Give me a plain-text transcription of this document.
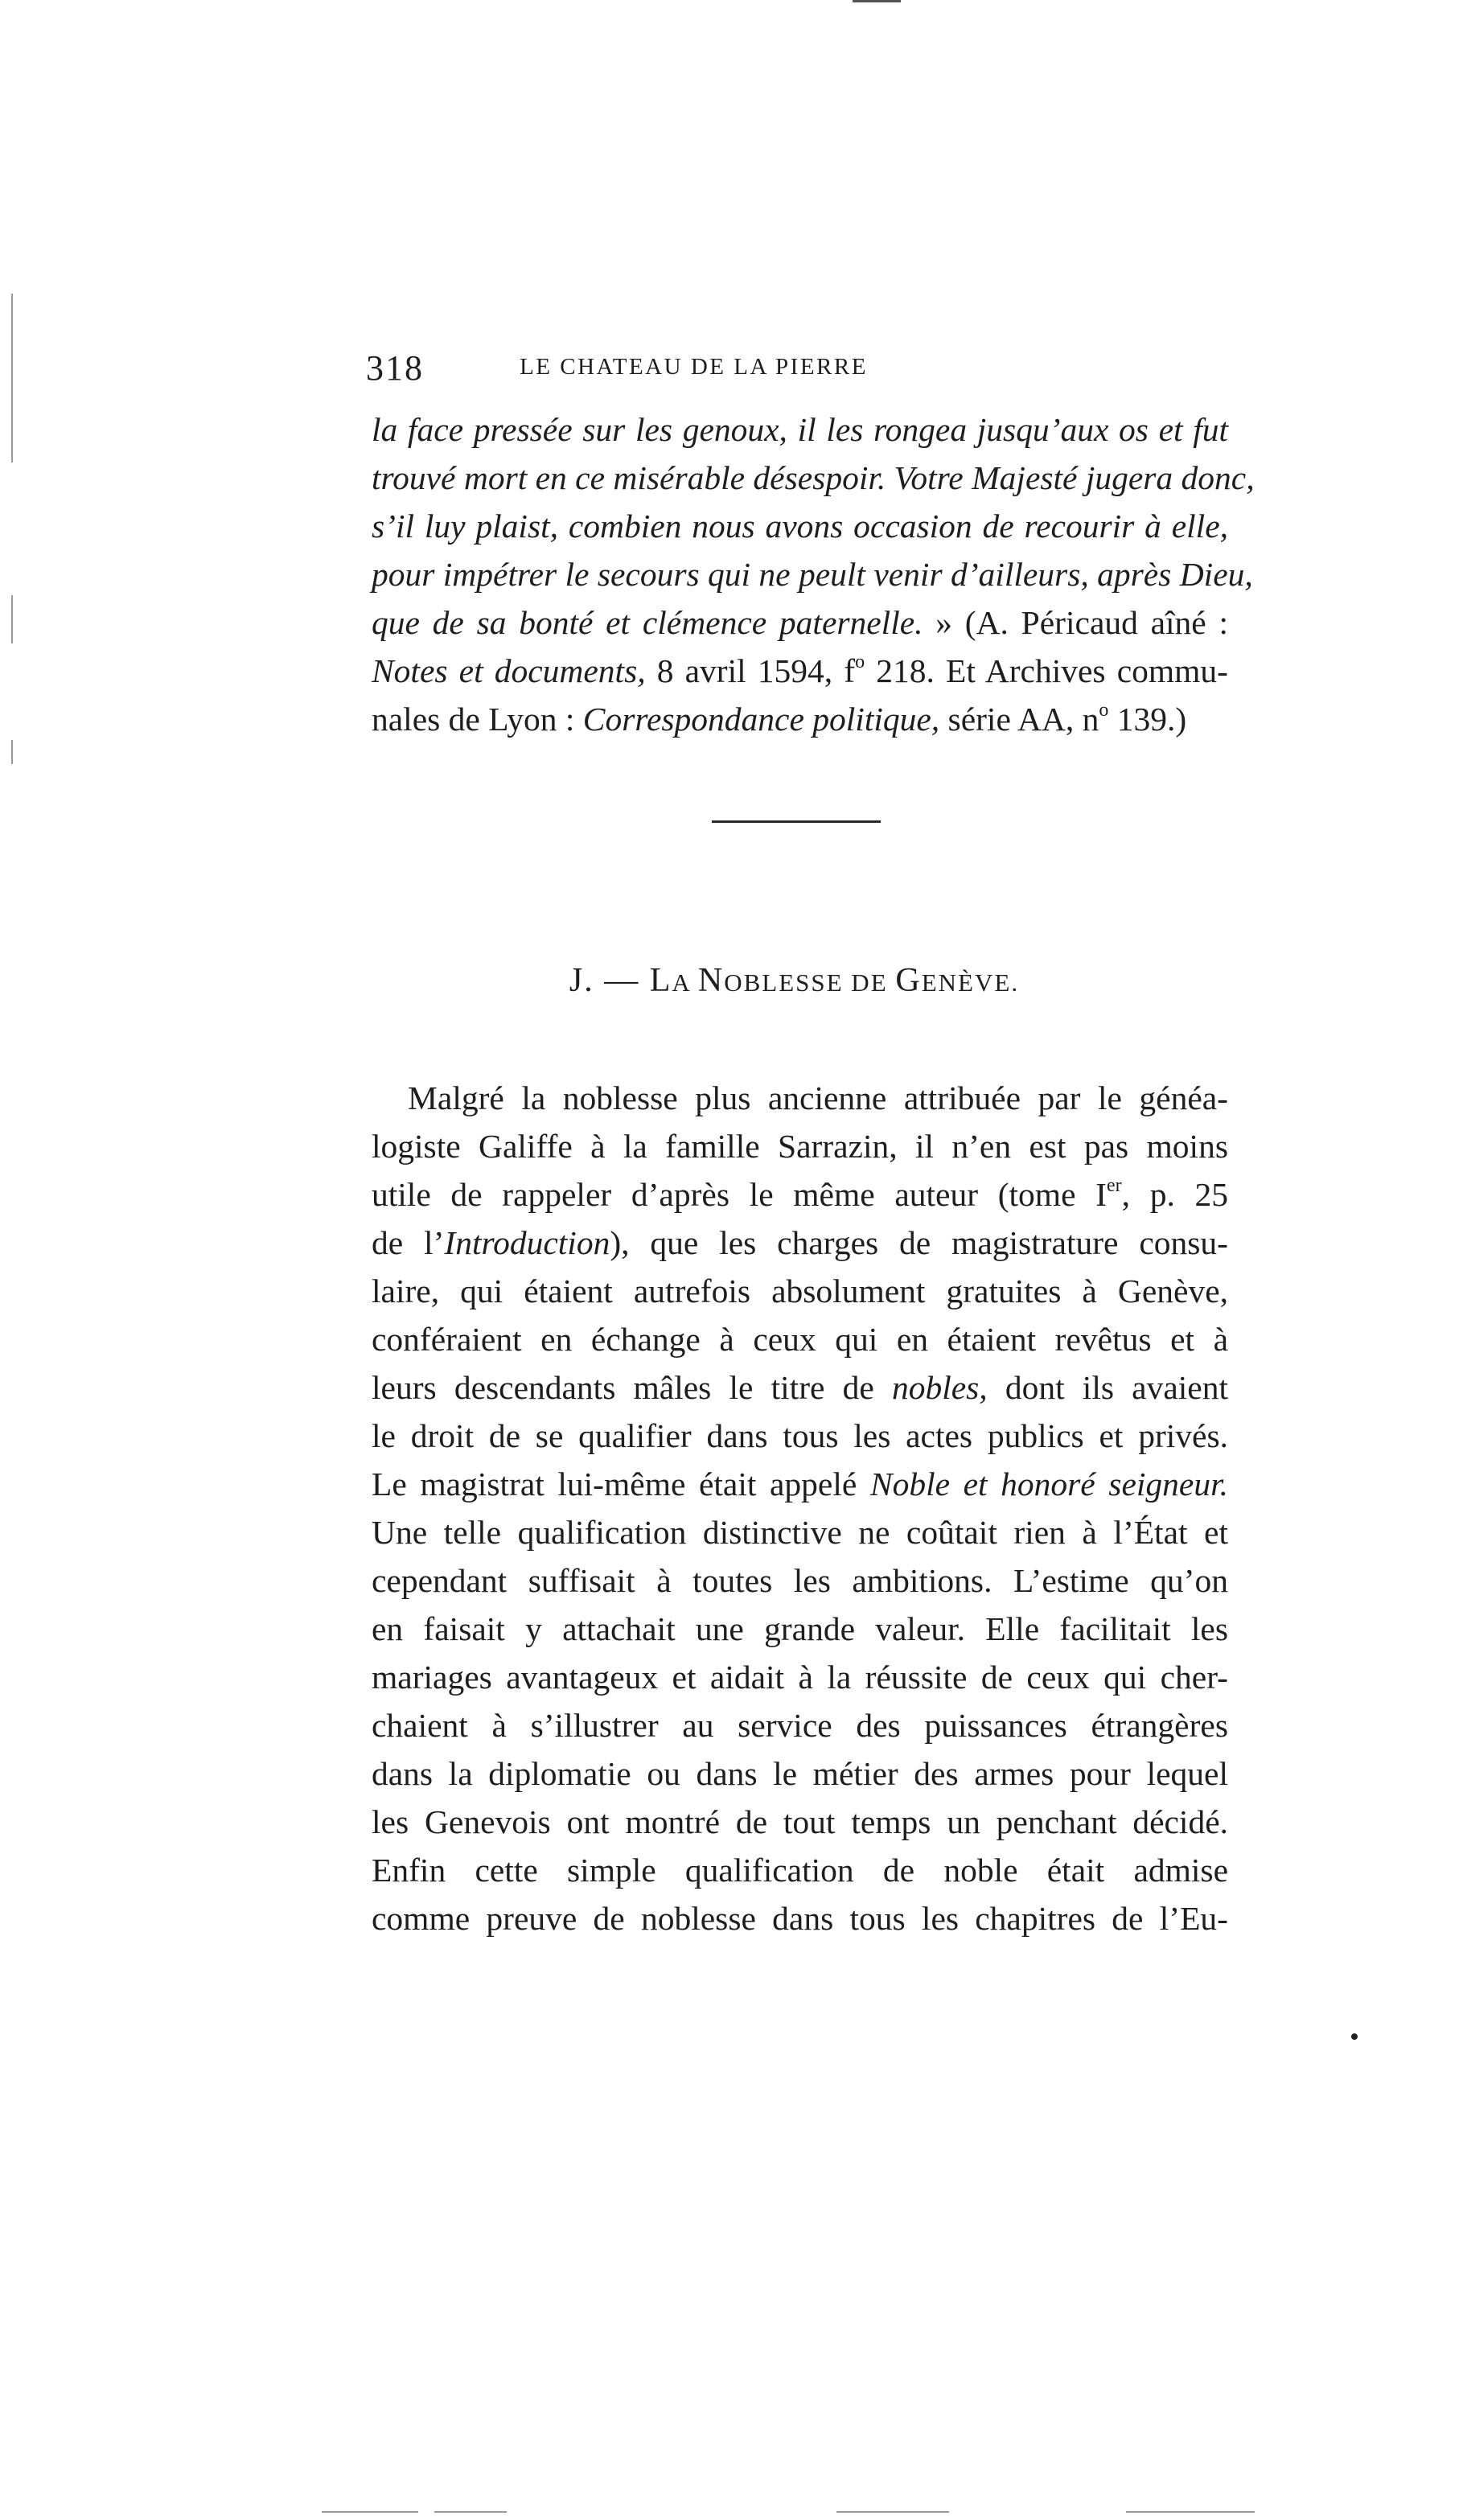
318	LE CHATEAU DE LA PIERRE
la face pressée sur les genoux, il les rongea jusqu’aux os et fut
trouvé mort en ce misérable désespoir. Votre Majesté jugera donc,
s’il luy plaist, combien nous avons occasion de recourir à elle,
pour impétrer le secours qui ne peult venir d’ailleurs, après Dieu,
que de sa bonté et clémence paternelle. » (A. Péricaud aîné :
Notes et documents, 8 avril 1594, $f^o$ 218. Et Archives commu-
nales de Lyon : Correspondance politique, série AA, $n^o$ 139.)
J. — LA NOBLESSE DE GENÈVE.
Malgré la noblesse plus ancienne attribuée par le généa-
logiste Galiffe à la famille Sarrazin, il n’en est pas moins
utile de rappeler d’après le même auteur (tome Ier, p. 25
de l’Introduction), que les charges de magistrature consu-
laire, qui étaient autrefois absolument gratuites à Genève,
conféraient en échange à ceux qui en étaient revêtus et à
leurs descendants mâles le titre de nobles, dont ils avaient
le droit de se qualifier dans tous les actes publics et privés.
Le magistrat lui-même était appelé Noble et honoré seigneur.
Une telle qualification distinctive ne coûtait rien à l’État et
cependant suffisait à toutes les ambitions. L’estime qu’on
en faisait y attachait une grande valeur. Elle facilitait les
mariages avantageux et aidait à la réussite de ceux qui cher-
chaient à s’illustrer au service des puissances étrangères
dans la diplomatie ou dans le métier des armes pour lequel
les Genevois ont montré de tout temps un penchant décidé.
Enfin cette simple qualification de noble était admise
comme preuve de noblesse dans tous les chapitres de l’Eu-
